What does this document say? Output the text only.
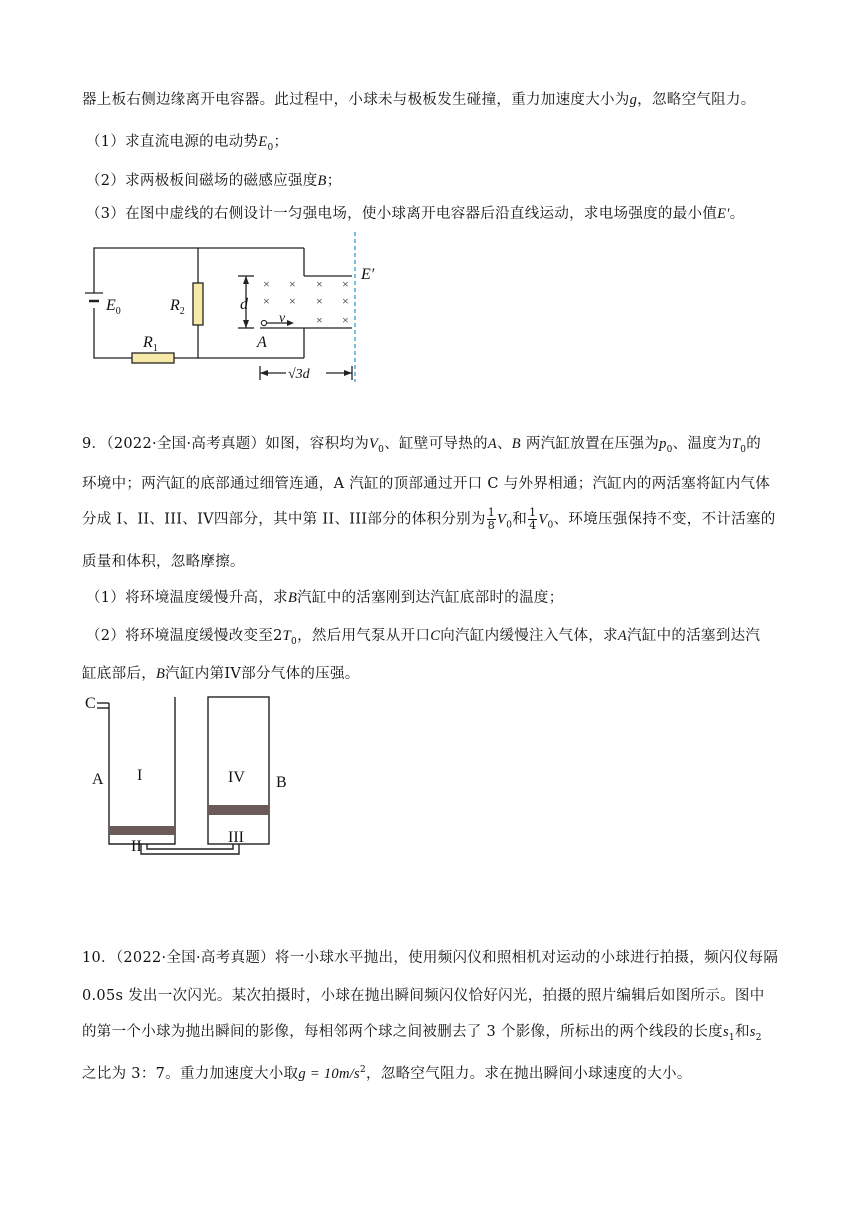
器上板右侧边缘离开电容器。此过程中，小球未与极板发生碰撞，重力加速度大小为g，忽略空气阻力。
（1）求直流电源的电动势$E_0$；
（2）求两极板间磁场的磁感应强度B；
（3）在图中虚线的右侧设计一匀强电场，使小球离开电容器后沿直线运动，求电场强度的最小值E′。
× × × ×
× × × ×
× ×
$E_0$	$R_2$
$R_1$
d
v
A
E′
√3d
9．（2022·全国·高考真题）如图，容积均为$V_0$、缸壁可导热的A、B 两汽缸放置在压强为$p_0$、温度为$T_0$的
环境中；两汽缸的底部通过细管连通，A 汽缸的顶部通过开口 C 与外界相通；汽缸内的两活塞将缸内气体
分成 I、II、III、IV四部分，其中第 II、III部分的体积分别为 $\frac{1}{8} V_0$和 $\frac{1}{4} V_0$、环境压强保持不变，不计活塞的
质量和体积，忽略摩擦。
（1）将环境温度缓慢升高，求B汽缸中的活塞刚到达汽缸底部时的温度；
（2）将环境温度缓慢改变至$2T_0$，然后用气泵从开口C向汽缸内缓慢注入气体，求A汽缸中的活塞到达汽
缸底部后，B汽缸内第IV部分气体的压强。
C
A	B
I
II
III
IV
10．（2022·全国·高考真题）将一小球水平抛出，使用频闪仪和照相机对运动的小球进行拍摄，频闪仪每隔
0.05s 发出一次闪光。某次拍摄时，小球在抛出瞬间频闪仪恰好闪光，拍摄的照片编辑后如图所示。图中
的第一个小球为抛出瞬间的影像，每相邻两个球之间被删去了 3 个影像，所标出的两个线段的长度$s_1$和$s_2$
之比为 3：7。重力加速度大小取$g = 10m/s^2$，忽略空气阻力。求在抛出瞬间小球速度的大小。
